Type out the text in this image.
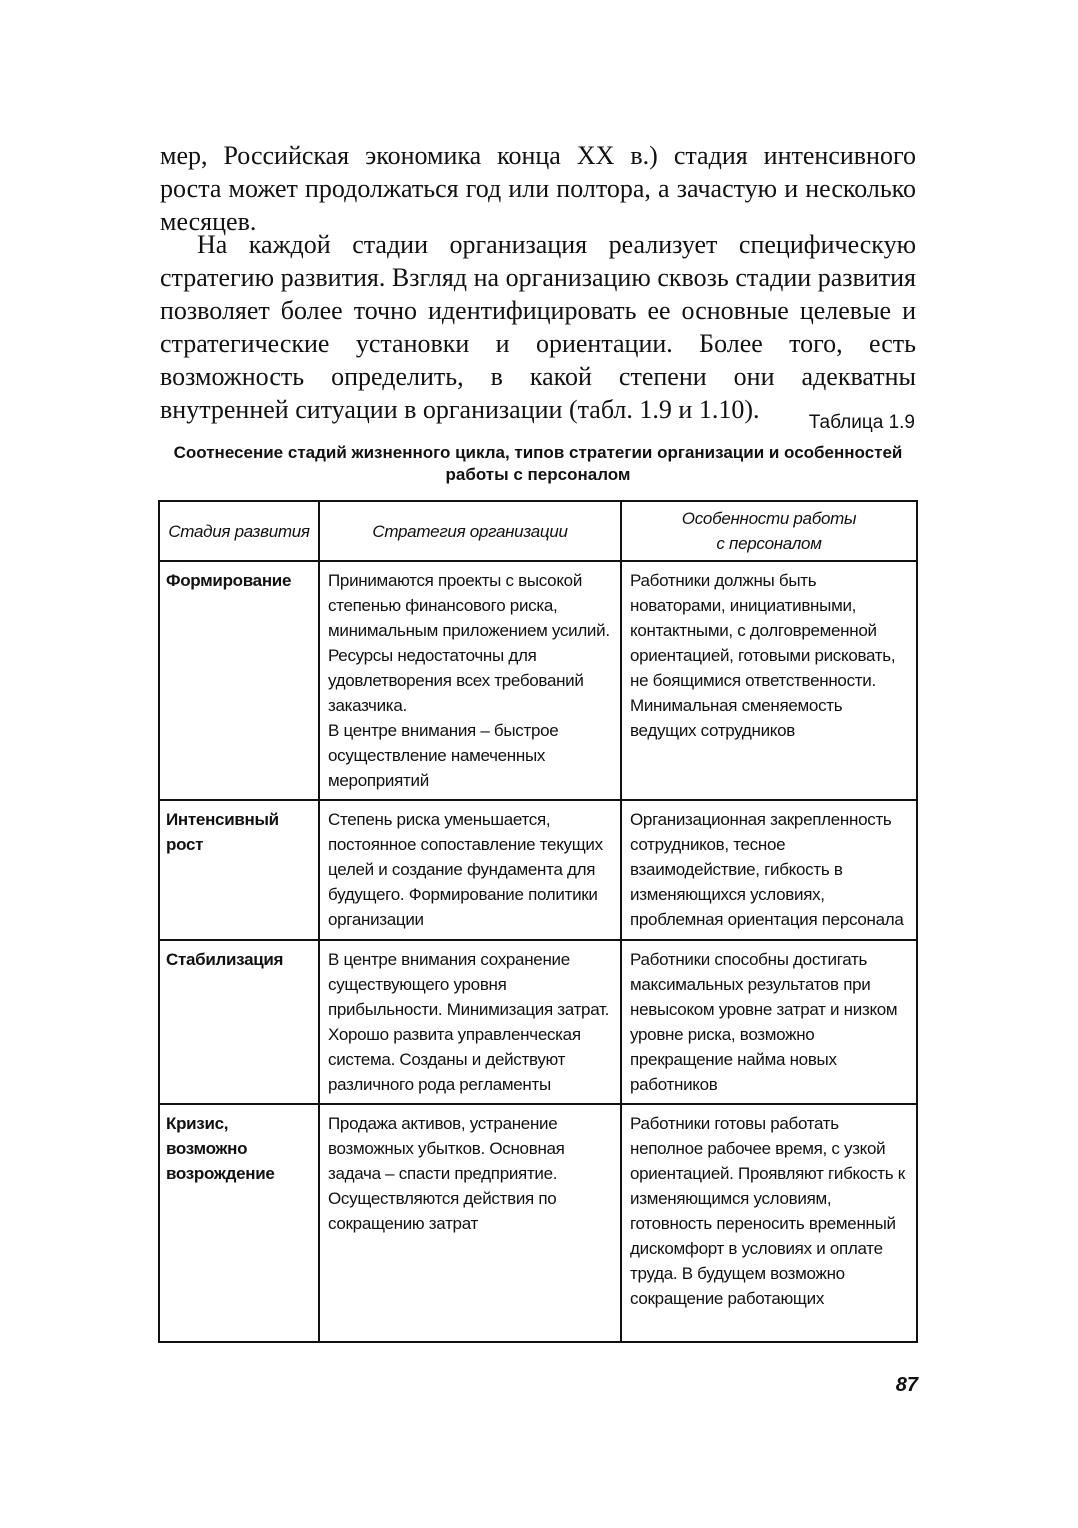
мер, Российская экономика конца XX в.) стадия интенсивного роста может продолжаться год или полтора, а зачастую и несколько месяцев.

На каждой стадии организация реализует специфическую стратегию развития. Взгляд на организацию сквозь стадии развития позволяет более точно идентифицировать ее основные целевые и стратегические установки и ориентации. Более того, есть возможность определить, в какой степени они адекватны внутренней ситуации в организации (табл. 1.9 и 1.10).	Таблица 1.9

Соотнесение стадий жизненного цикла, типов стратегии организации и особенностей работы с персоналом

Стадия развития	Стратегия организации	Особенности работы
с персоналом
Формирование	Принимаются проекты с высокой степенью финансового риска, минимальным приложением усилий. Ресурсы недостаточны для удовлетворения всех требований заказчика.
В центре внимания – быстрое осуществление намеченных мероприятий	Работники должны быть новаторами, инициативными, контактными, с долговременной ориентацией, готовыми рисковать, не боящимися ответственности. Минимальная сменяемость ведущих сотрудников
Интенсивный рост	Степень риска уменьшается, постоянное сопоставление текущих целей и создание фундамента для будущего. Формирование политики организации	Организационная закрепленность сотрудников, тесное взаимодействие, гибкость в изменяющихся условиях, проблемная ориентация персонала
Стабилизация	В центре внимания сохранение существующего уровня прибыльности. Минимизация затрат. Хорошо развита управленческая система. Созданы и действуют различного рода регламенты	Работники способны достигать максимальных результатов при невысоком уровне затрат и низком уровне риска, возможно прекращение найма новых работников
Кризис, возможно возрождение	Продажа активов, устранение возможных убытков. Основная задача – спасти предприятие. Осуществляются действия по сокращению затрат	Работники готовы работать неполное рабочее время, с узкой ориентацией. Проявляют гибкость к изменяющимся условиям, готовность переносить временный дискомфорт в условиях и оплате труда. В будущем возможно сокращение работающих

87
